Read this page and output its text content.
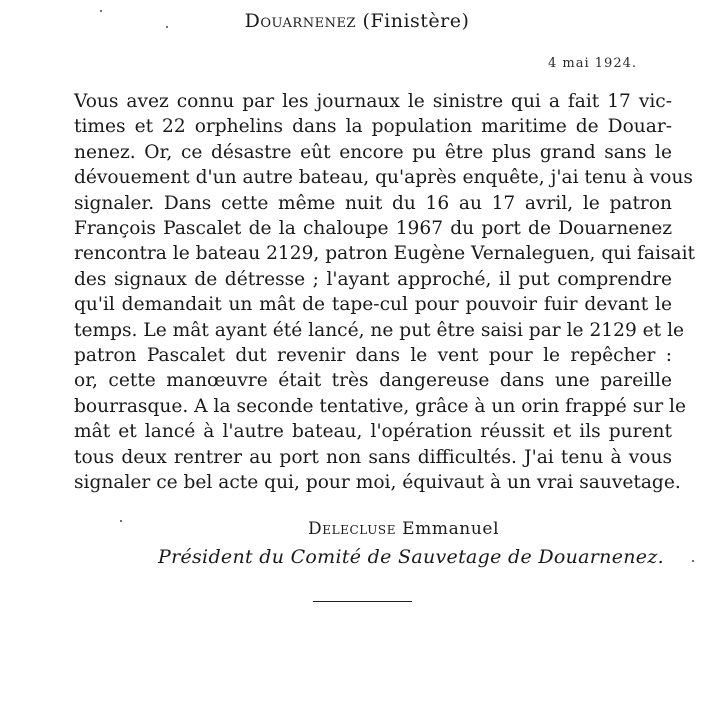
Douarnenez (Finistère)
4 mai 1924.
Vous avez connu par les journaux le sinistre qui a fait 17 vic-
times et 22 orphelins dans la population maritime de Douar-
nenez. Or, ce désastre eût encore pu être plus grand sans le
dévouement d'un autre bateau, qu'après enquête, j'ai tenu à vous
signaler. Dans cette même nuit du 16 au 17 avril, le patron
François Pascalet de la chaloupe 1967 du port de Douarnenez
rencontra le bateau 2129, patron Eugène Vernaleguen, qui faisait
des signaux de détresse ; l'ayant approché, il put comprendre
qu'il demandait un mât de tape-cul pour pouvoir fuir devant le
temps. Le mât ayant été lancé, ne put être saisi par le 2129 et le
patron Pascalet dut revenir dans le vent pour le repêcher :
or, cette manœuvre était très dangereuse dans une pareille
bourrasque. A la seconde tentative, grâce à un orin frappé sur le
mât et lancé à l'autre bateau, l'opération réussit et ils purent
tous deux rentrer au port non sans difficultés. J'ai tenu à vous
signaler ce bel acte qui, pour moi, équivaut à un vrai sauvetage.
Delecluse Emmanuel
Président du Comité de Sauvetage de Douarnenez.
